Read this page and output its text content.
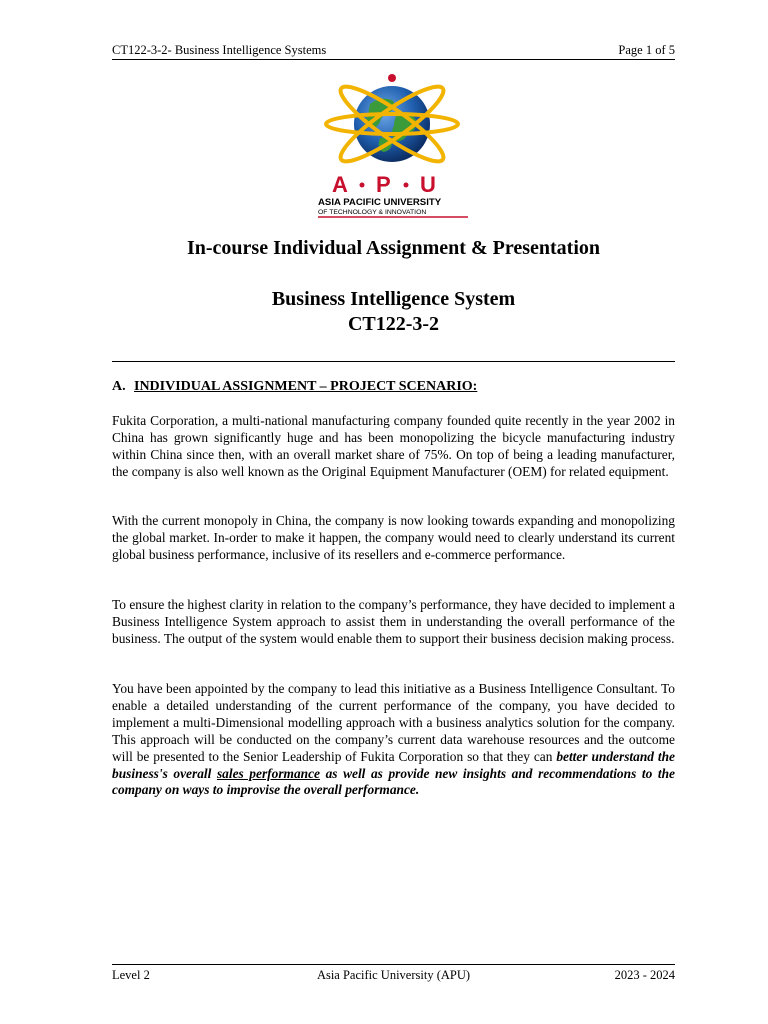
CT122-3-2- Business Intelligence Systems	Page 1 of 5
A P U
ASIA PACIFIC UNIVERSITY
OF TECHNOLOGY & INNOVATION
In-course Individual Assignment & Presentation
Business Intelligence System
CT122-3-2
A. INDIVIDUAL ASSIGNMENT – PROJECT SCENARIO:
Fukita Corporation, a multi-national manufacturing company founded quite recently in the year 2002 in China has grown significantly huge and has been monopolizing the bicycle manufacturing industry within China since then, with an overall market share of 75%. On top of being a leading manufacturer, the company is also well known as the Original Equipment Manufacturer (OEM) for related equipment.
With the current monopoly in China, the company is now looking towards expanding and monopolizing the global market. In-order to make it happen, the company would need to clearly understand its current global business performance, inclusive of its resellers and e-commerce performance.
To ensure the highest clarity in relation to the company’s performance, they have decided to implement a Business Intelligence System approach to assist them in understanding the overall performance of the business. The output of the system would enable them to support their business decision making process.
You have been appointed by the company to lead this initiative as a Business Intelligence Consultant. To enable a detailed understanding of the current performance of the company, you have decided to implement a multi-Dimensional modelling approach with a business analytics solution for the company. This approach will be conducted on the company’s current data warehouse resources and the outcome will be presented to the Senior Leadership of Fukita Corporation so that they can better understand the business's overall sales performance as well as provide new insights and recommendations to the company on ways to improvise the overall performance.
Level 2	Asia Pacific University (APU)	2023 - 2024
